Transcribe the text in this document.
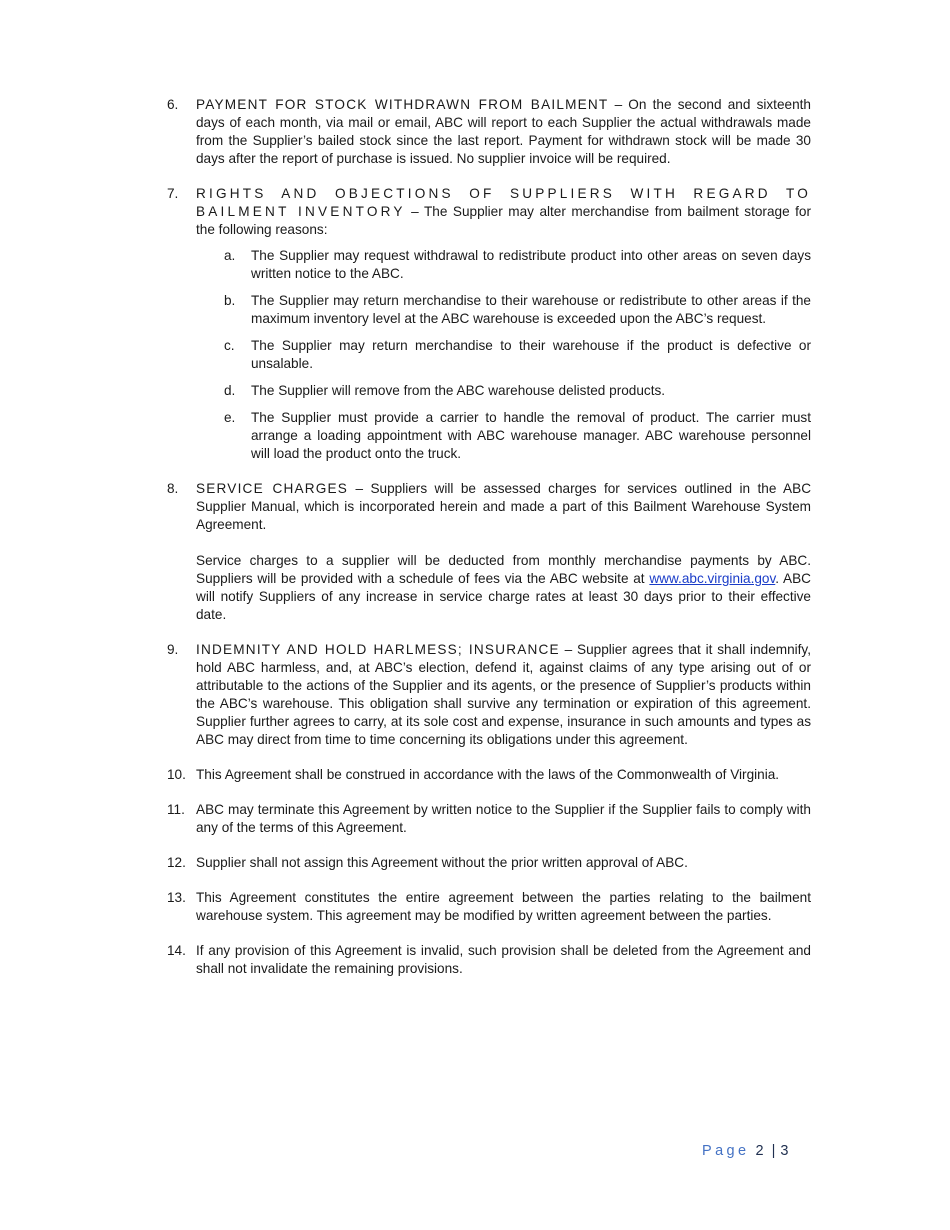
6. PAYMENT FOR STOCK WITHDRAWN FROM BAILMENT – On the second and sixteenth days of each month, via mail or email, ABC will report to each Supplier the actual withdrawals made from the Supplier’s bailed stock since the last report. Payment for withdrawn stock will be made 30 days after the report of purchase is issued. No supplier invoice will be required.

7. RIGHTS AND OBJECTIONS OF SUPPLIERS WITH REGARD TO BAILMENT INVENTORY – The Supplier may alter merchandise from bailment storage for the following reasons:

a. The Supplier may request withdrawal to redistribute product into other areas on seven days written notice to the ABC.
b. The Supplier may return merchandise to their warehouse or redistribute to other areas if the maximum inventory level at the ABC warehouse is exceeded upon the ABC’s request.
c. The Supplier may return merchandise to their warehouse if the product is defective or unsalable.
d. The Supplier will remove from the ABC warehouse delisted products.
e. The Supplier must provide a carrier to handle the removal of product. The carrier must arrange a loading appointment with ABC warehouse manager. ABC warehouse personnel will load the product onto the truck.
8. SERVICE CHARGES – Suppliers will be assessed charges for services outlined in the ABC Supplier Manual, which is incorporated herein and made a part of this Bailment Warehouse System Agreement.

Service charges to a supplier will be deducted from monthly merchandise payments by ABC. Suppliers will be provided with a schedule of fees via the ABC website at www.abc.virginia.gov. ABC will notify Suppliers of any increase in service charge rates at least 30 days prior to their effective date.

9. INDEMNITY AND HOLD HARLMESS; INSURANCE – Supplier agrees that it shall indemnify, hold ABC harmless, and, at ABC’s election, defend it, against claims of any type arising out of or attributable to the actions of the Supplier and its agents, or the presence of Supplier’s products within the ABC’s warehouse. This obligation shall survive any termination or expiration of this agreement. Supplier further agrees to carry, at its sole cost and expense, insurance in such amounts and types as ABC may direct from time to time concerning its obligations under this agreement.

10. This Agreement shall be construed in accordance with the laws of the Commonwealth of Virginia.

11. ABC may terminate this Agreement by written notice to the Supplier if the Supplier fails to comply with any of the terms of this Agreement.

12. Supplier shall not assign this Agreement without the prior written approval of ABC.

13. This Agreement constitutes the entire agreement between the parties relating to the bailment warehouse system. This agreement may be modified by written agreement between the parties.

14. If any provision of this Agreement is invalid, such provision shall be deleted from the Agreement and shall not invalidate the remaining provisions.

Page 2 | 3
